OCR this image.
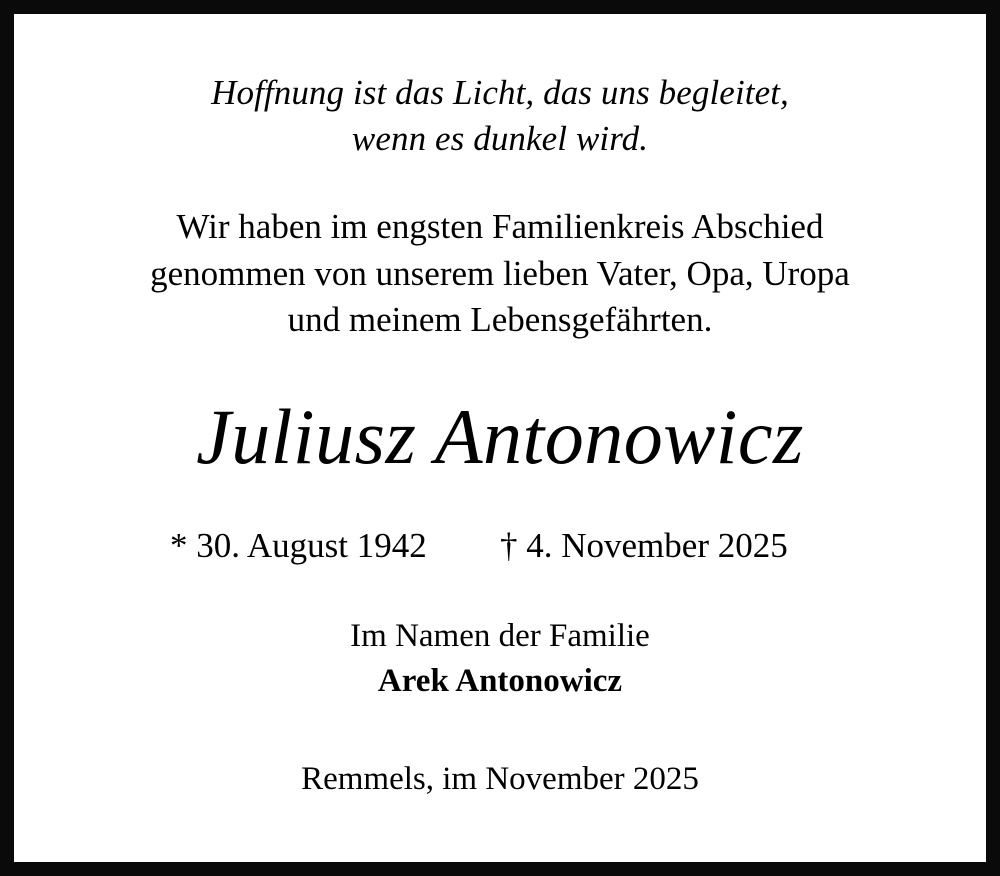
Hoffnung ist das Licht, das uns begleitet,
wenn es dunkel wird.
Wir haben im engsten Familienkreis Abschied
genommen von unserem lieben Vater, Opa, Uropa
und meinem Lebensgefährten.
Juliusz Antonowicz
* 30. August 1942	† 4. November 2025
Im Namen der Familie
Arek Antonowicz
Remmels, im November 2025
